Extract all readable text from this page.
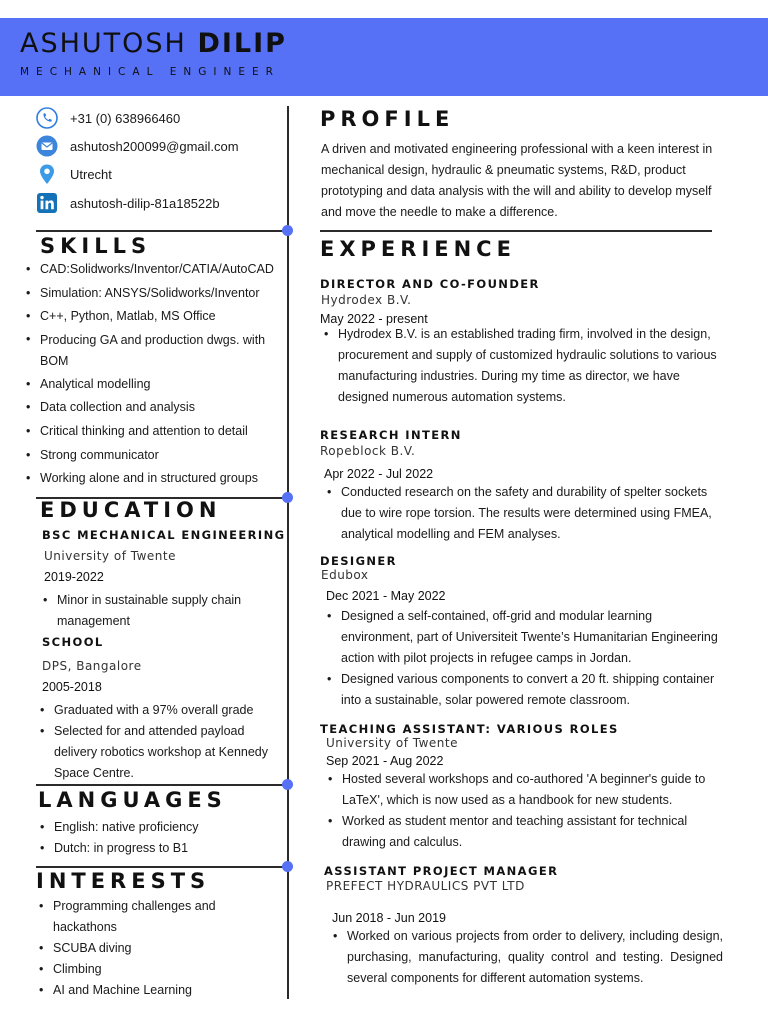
ASHUTOSH DILIP
MECHANICAL ENGINEER
+31 (0) 638966460
ashutosh200099@gmail.com
Utrecht
ashutosh-dilip-81a18522b
SKILLS
• CAD:Solidworks/Inventor/CATIA/AutoCAD
• Simulation: ANSYS/Solidworks/Inventor
• C++, Python, Matlab, MS Office
• Producing GA and production dwgs. with BOM
• Analytical modelling
• Data collection and analysis
• Critical thinking and attention to detail
• Strong communicator
• Working alone and in structured groups
EDUCATION
BSC MECHANICAL ENGINEERING
University of Twente
2019-2022
• Minor in sustainable supply chain management
SCHOOL
DPS, Bangalore
2005-2018
• Graduated with a 97% overall grade
• Selected for and attended payload delivery robotics workshop at Kennedy Space Centre.
LANGUAGES
• English: native proficiency
• Dutch: in progress to B1
INTERESTS
• Programming challenges and hackathons
• SCUBA diving
• Climbing
• AI and Machine Learning
PROFILE
A driven and motivated engineering professional with a keen interest in mechanical design, hydraulic & pneumatic systems, R&D, product prototyping and data analysis with the will and ability to develop myself and move the needle to make a difference.
EXPERIENCE
DIRECTOR AND CO-FOUNDER
Hydrodex B.V.
May 2022 - present
• Hydrodex B.V. is an established trading firm, involved in the design, procurement and supply of customized hydraulic solutions to various manufacturing industries. During my time as director, we have designed numerous automation systems.
RESEARCH INTERN
Ropeblock B.V.
Apr 2022 - Jul 2022
• Conducted research on the safety and durability of spelter sockets due to wire rope torsion. The results were determined using FMEA, analytical modelling and FEM analyses.
DESIGNER
Edubox
Dec 2021 - May 2022
• Designed a self-contained, off-grid and modular learning environment, part of Universiteit Twente’s Humanitarian Engineering action with pilot projects in refugee camps in Jordan.
• Designed various components to convert a 20 ft. shipping container into a sustainable, solar powered remote classroom.
TEACHING ASSISTANT: VARIOUS ROLES
University of Twente
Sep 2021 - Aug 2022
• Hosted several workshops and co-authored 'A beginner's guide to LaTeX', which is now used as a handbook for new students.
• Worked as student mentor and teaching assistant for technical drawing and calculus.
ASSISTANT PROJECT MANAGER
PREFECT HYDRAULICS PVT LTD
Jun 2018 - Jun 2019
• Worked on various projects from order to delivery, including design, purchasing, manufacturing, quality control and testing. Designed several components for different automation systems.
